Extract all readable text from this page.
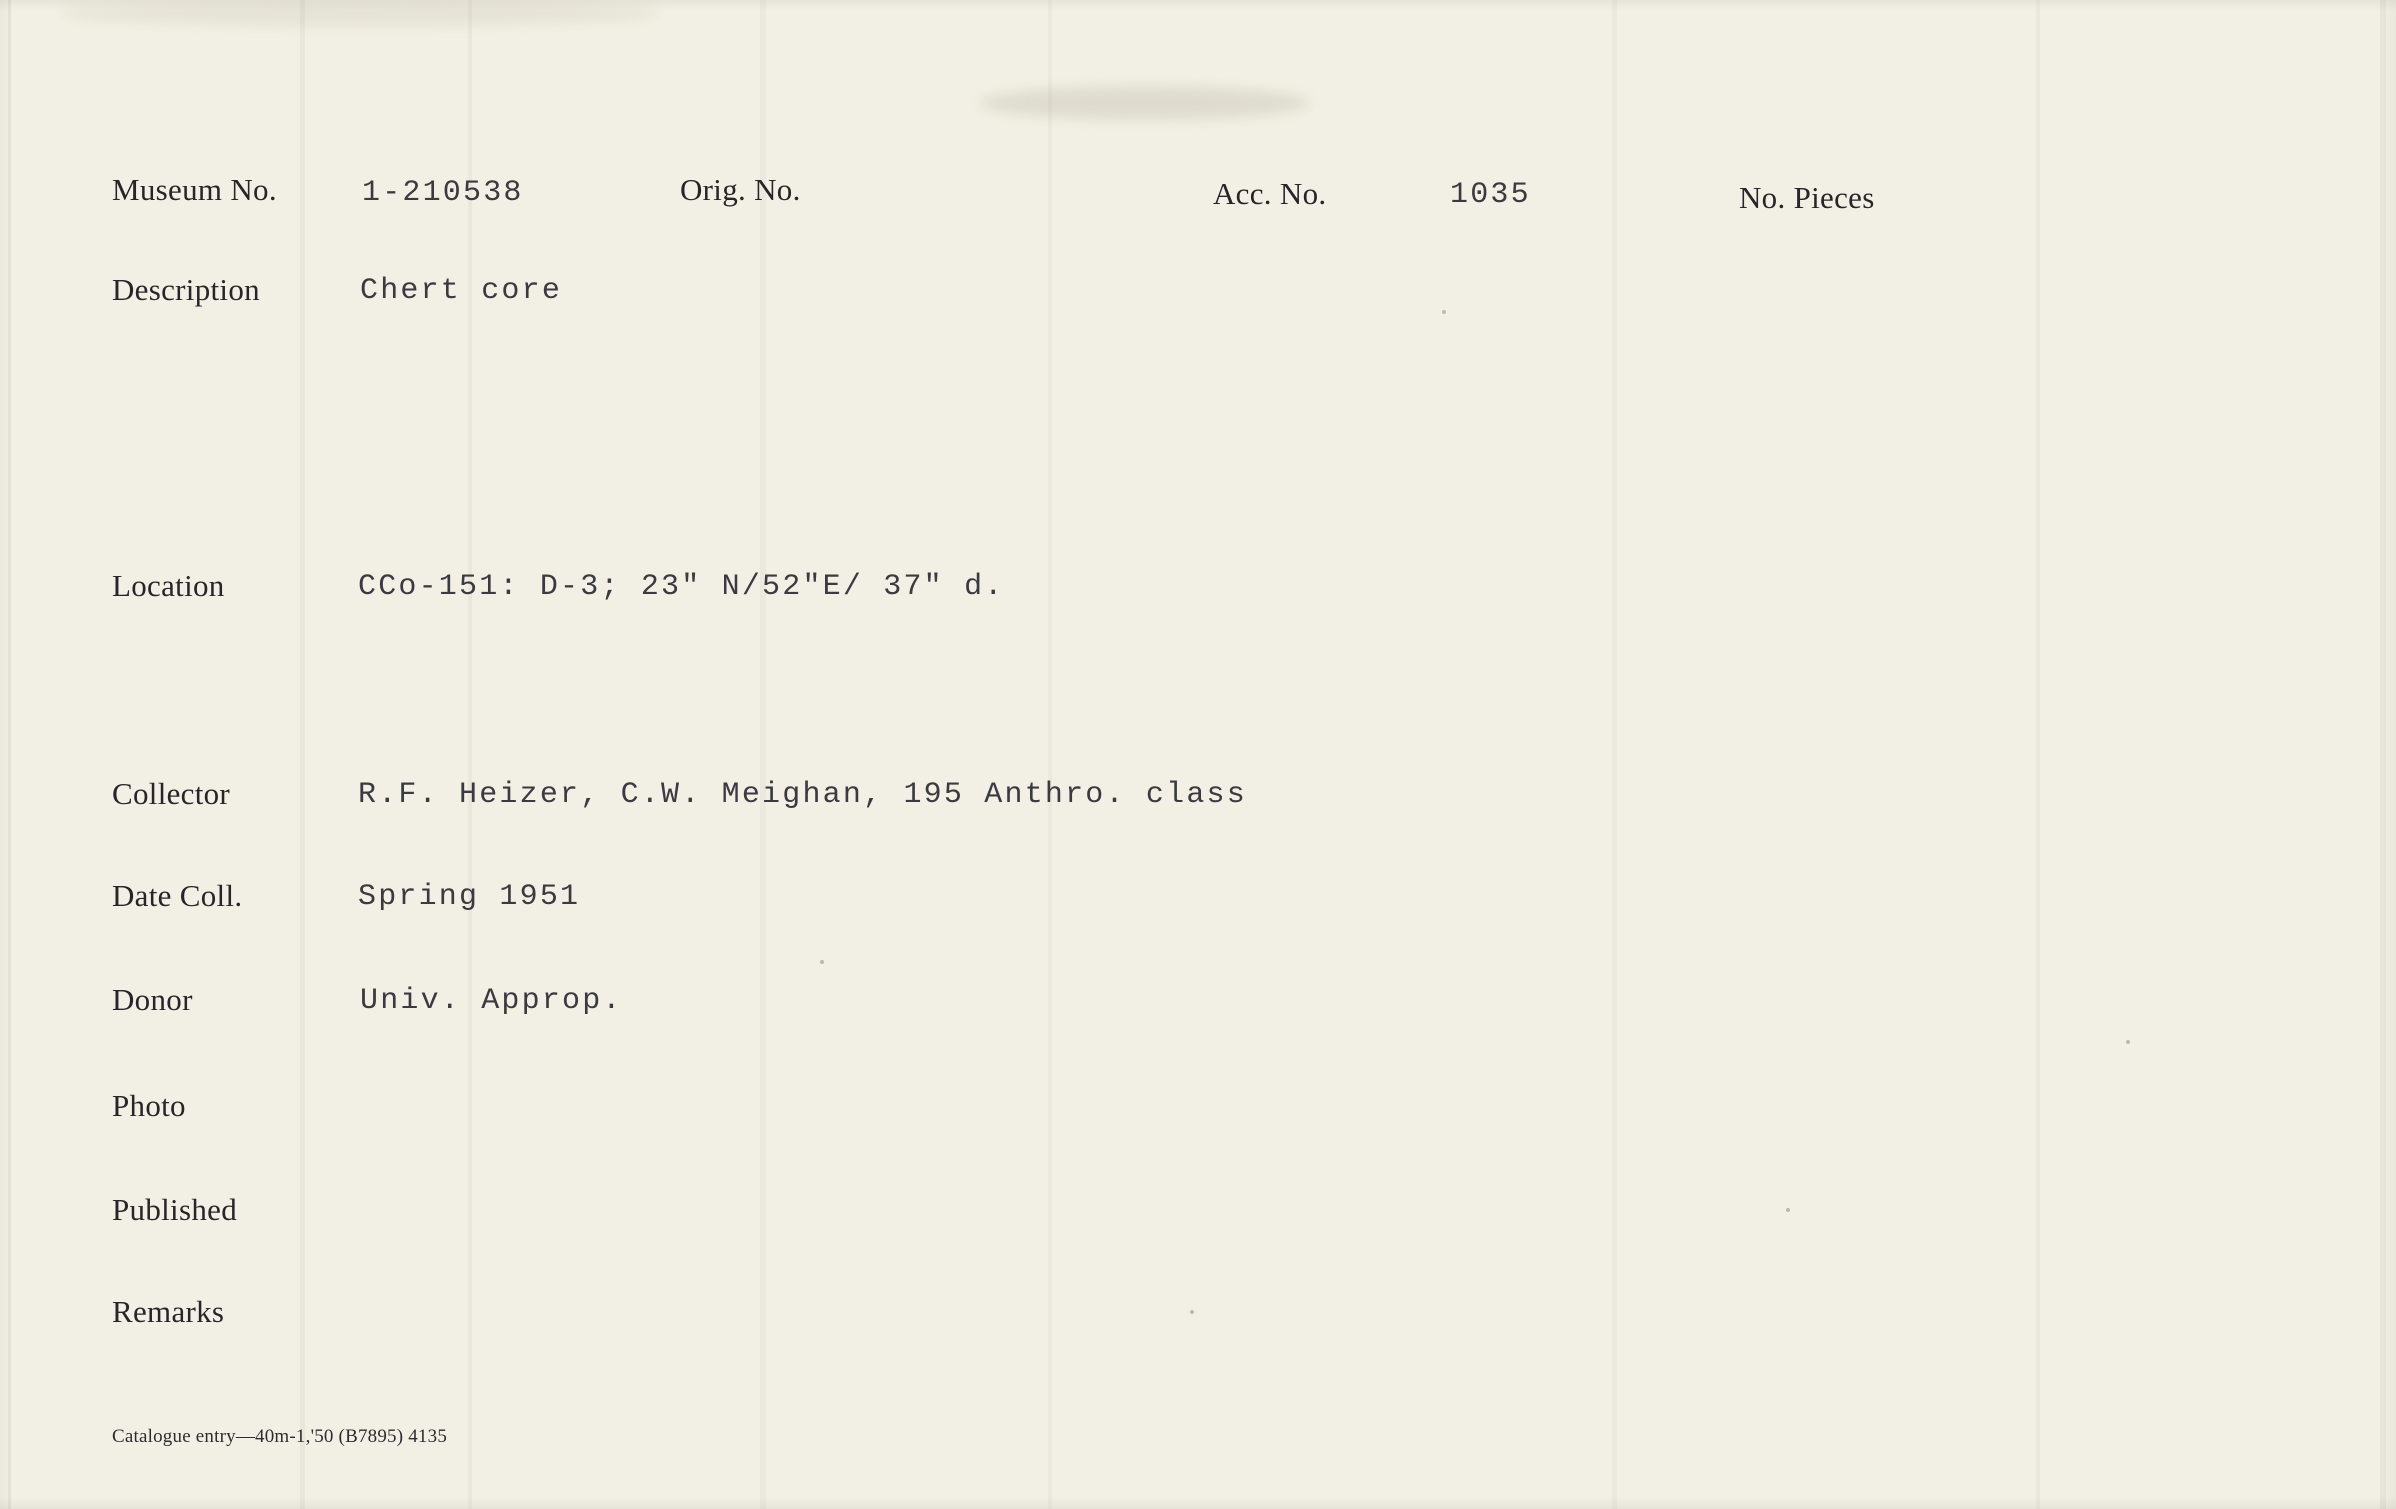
Museum No.	1-210538	Orig. No.	Acc. No.	1035	No. Pieces
Description	Chert core
Location	CCo-151: D-3; 23" N/52"E/ 37" d.
Collector	R.F. Heizer, C.W. Meighan, 195 Anthro. class
Date Coll.	Spring 1951
Donor	Univ. Approp.
Photo
Published
Remarks
Catalogue entry—40m-1,'50 (B7895) 4135
